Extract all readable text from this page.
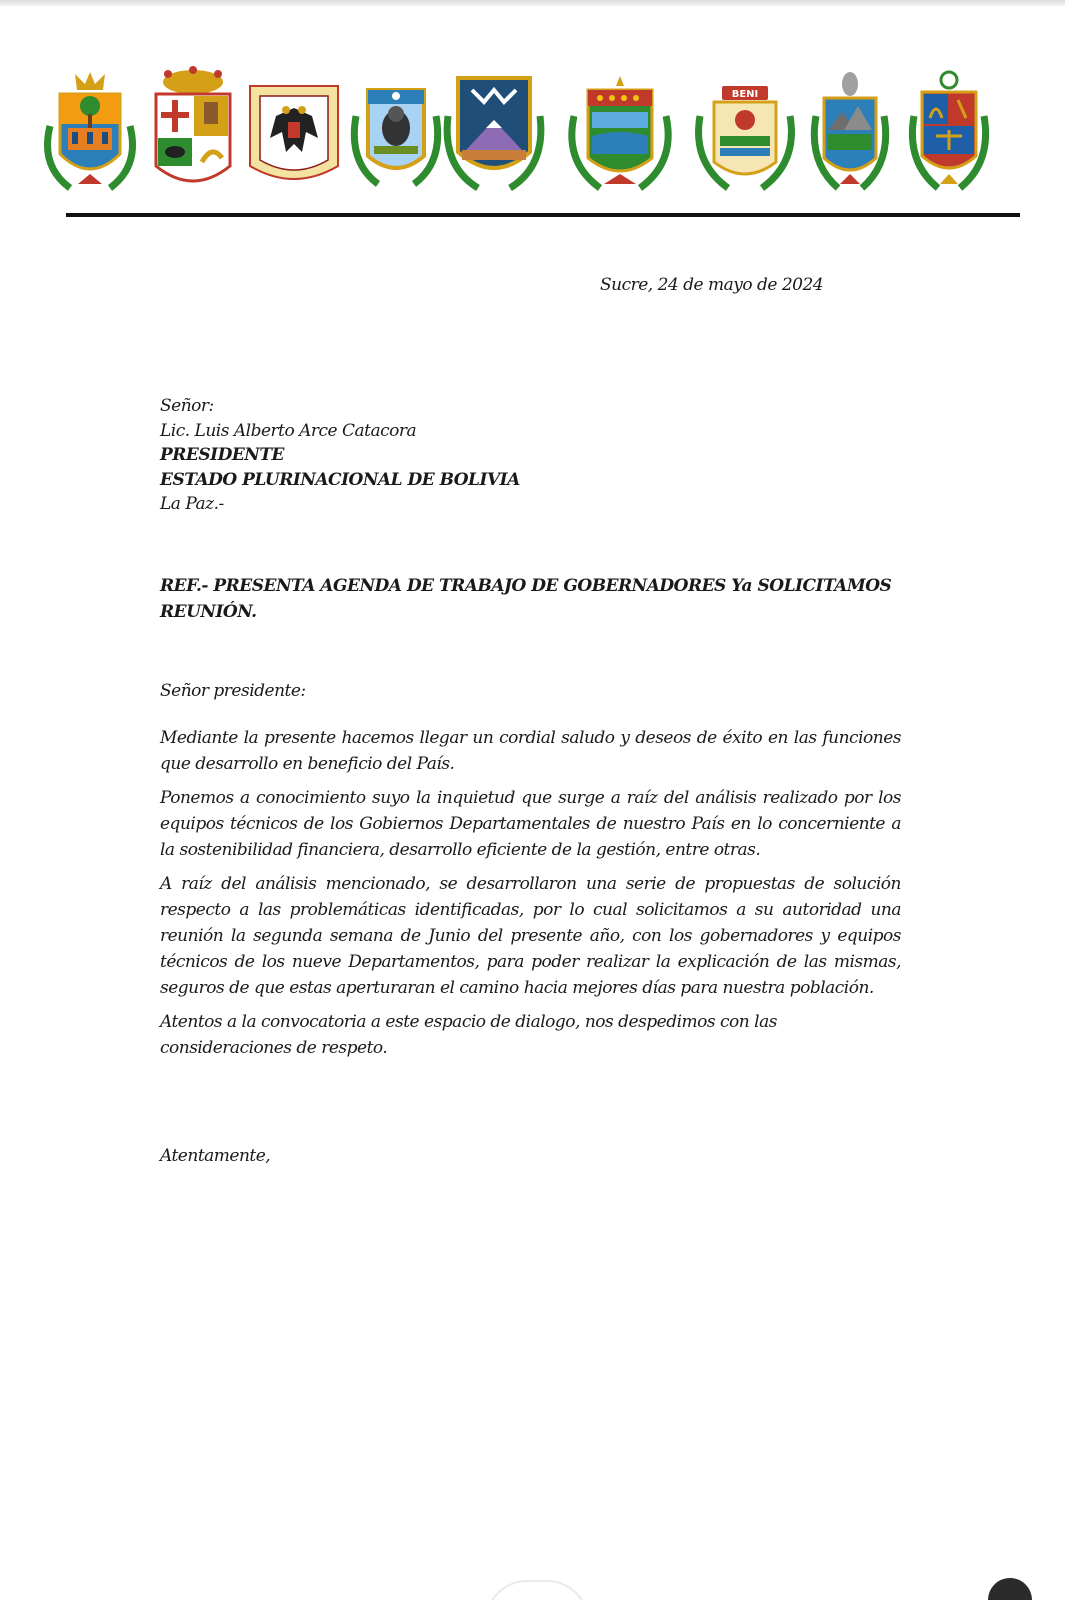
BENI
Sucre, 24 de mayo de 2024
Señor:
Lic. Luis Alberto Arce Catacora
PRESIDENTE
ESTADO PLURINACIONAL DE BOLIVIA
La Paz.-
REF.- PRESENTA AGENDA DE TRABAJO DE GOBERNADORES Ya SOLICITAMOS REUNIÓN.
Señor presidente:

Mediante la presente hacemos llegar un cordial saludo y deseos de éxito en las funciones que desarrollo en beneficio del País.

Ponemos a conocimiento suyo la inquietud que surge a raíz del análisis realizado por los equipos técnicos de los Gobiernos Departamentales de nuestro País en lo concerniente a la sostenibilidad financiera, desarrollo eficiente de la gestión, entre otras.

A raíz del análisis mencionado, se desarrollaron una serie de propuestas de solución respecto a las problemáticas identificadas, por lo cual solicitamos a su autoridad una reunión la segunda semana de Junio del presente año, con los gobernadores y equipos técnicos de los nueve Departamentos, para poder realizar la explicación de las mismas, seguros de que estas aperturaran el camino hacia mejores días para nuestra población.

Atentos a la convocatoria a este espacio de dialogo, nos despedimos con las consideraciones de respeto.

Atentamente,
